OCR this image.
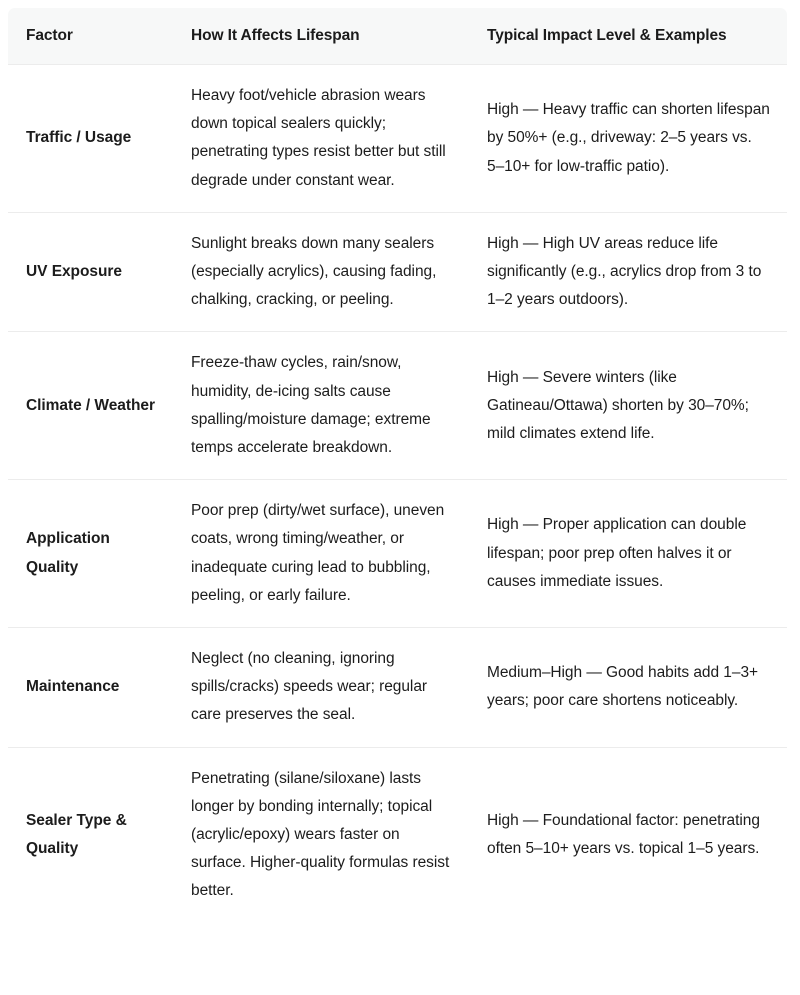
Factor	How It Affects Lifespan	Typical Impact Level & Examples
Traffic / Usage	Heavy foot/vehicle abrasion wears down topical sealers quickly; penetrating types resist better but still degrade under constant wear.	High — Heavy traffic can shorten lifespan by 50%+ (e.g., driveway: 2–5 years vs. 5–10+ for low-traffic patio).
UV Exposure	Sunlight breaks down many sealers (especially acrylics), causing fading, chalking, cracking, or peeling.	High — High UV areas reduce life significantly (e.g., acrylics drop from 3 to 1–2 years outdoors).
Climate / Weather	Freeze-thaw cycles, rain/snow, humidity, de-icing salts cause spalling/moisture damage; extreme temps accelerate breakdown.	High — Severe winters (like Gatineau/Ottawa) shorten by 30–70%; mild climates extend life.
Application Quality	Poor prep (dirty/wet surface), uneven coats, wrong timing/weather, or inadequate curing lead to bubbling, peeling, or early failure.	High — Proper application can double lifespan; poor prep often halves it or causes immediate issues.
Maintenance	Neglect (no cleaning, ignoring spills/cracks) speeds wear; regular care preserves the seal.	Medium–High — Good habits add 1–3+ years; poor care shortens noticeably.
Sealer Type & Quality	Penetrating (silane/siloxane) lasts longer by bonding internally; topical (acrylic/epoxy) wears faster on surface. Higher-quality formulas resist better.	High — Foundational factor: penetrating often 5–10+ years vs. topical 1–5 years.
